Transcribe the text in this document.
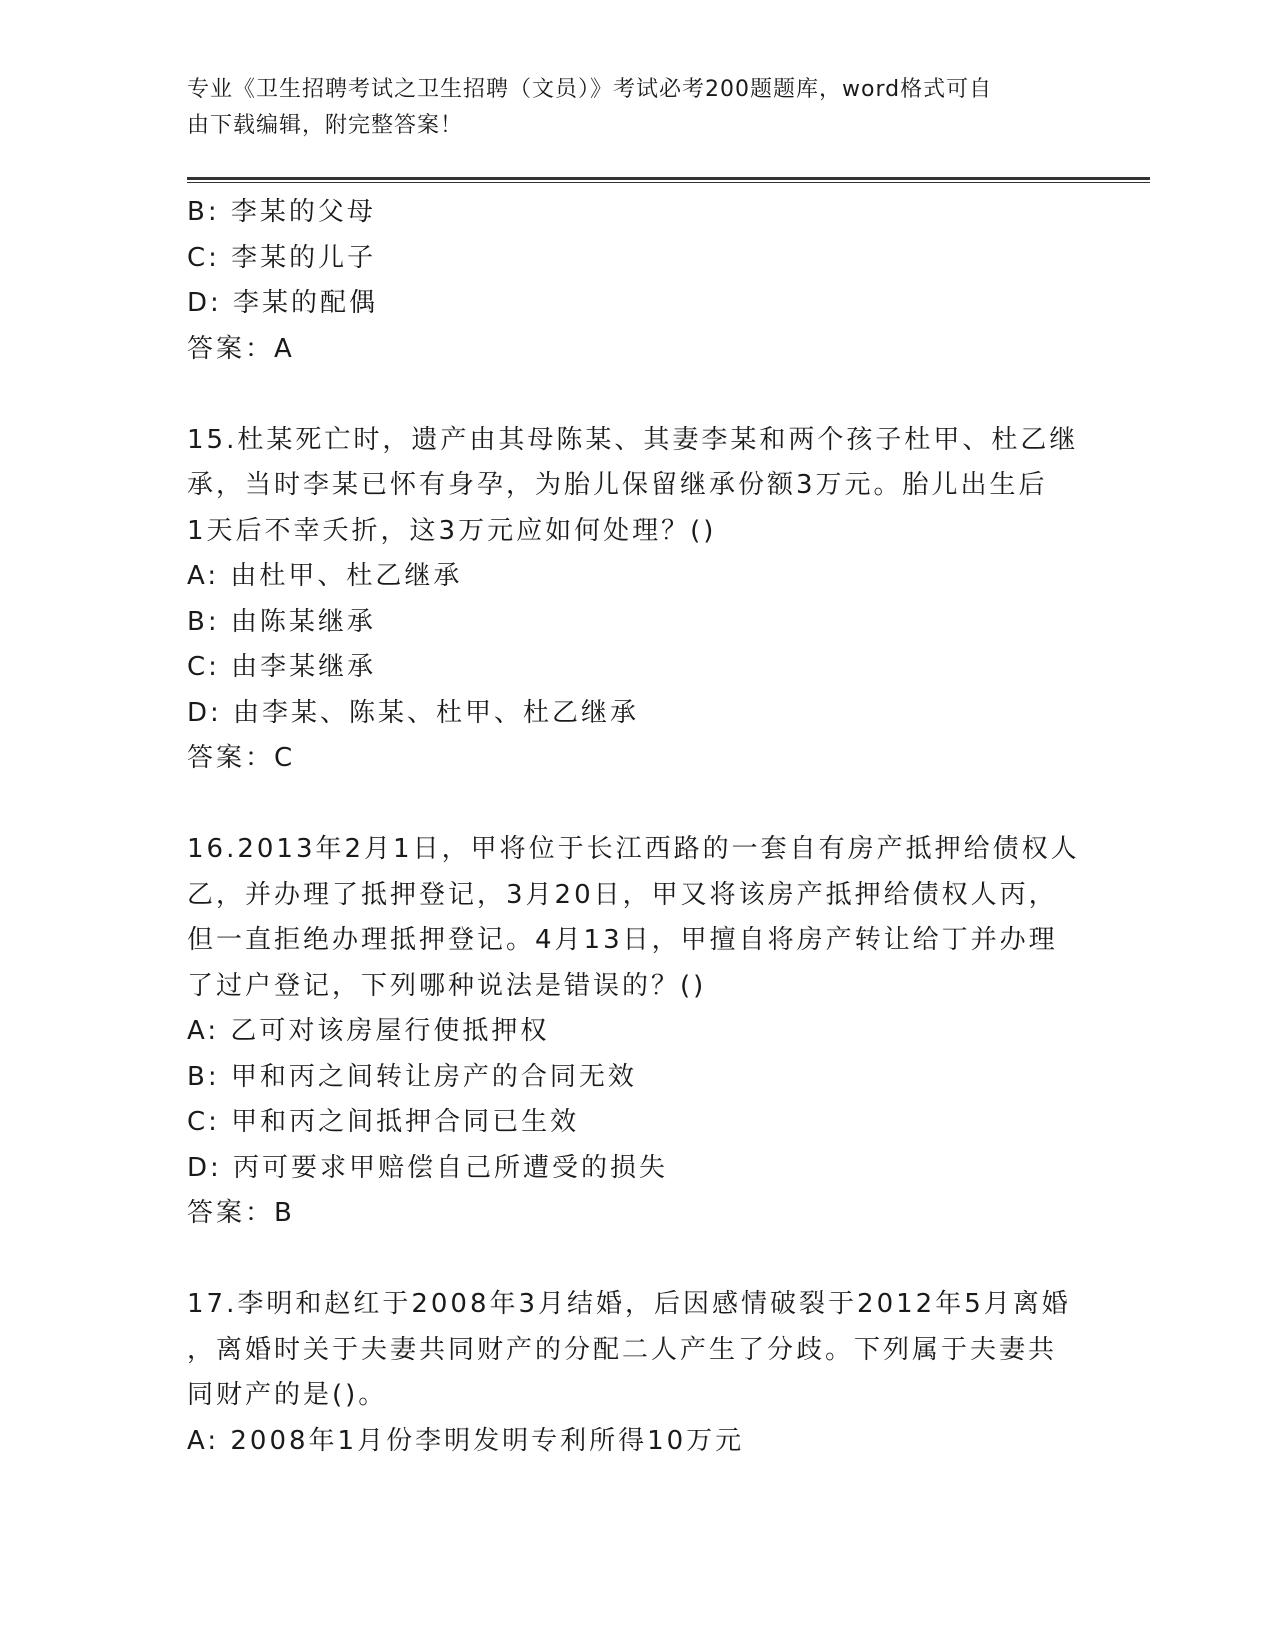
专业《卫生招聘考试之卫生招聘（文员）》考试必考200题题库，word格式可自
由下载编辑，附完整答案！
B: 李某的父母
C: 李某的儿子
D: 李某的配偶
答案：A
15.杜某死亡时，遗产由其母陈某、其妻李某和两个孩子杜甲、杜乙继
承，当时李某已怀有身孕，为胎儿保留继承份额3万元。胎儿出生后
1天后不幸夭折，这3万元应如何处理？()
A: 由杜甲、杜乙继承
B: 由陈某继承
C: 由李某继承
D: 由李某、陈某、杜甲、杜乙继承
答案：C
16.2013年2月1日，甲将位于长江西路的一套自有房产抵押给债权人
乙，并办理了抵押登记，3月20日，甲又将该房产抵押给债权人丙，
但一直拒绝办理抵押登记。4月13日，甲擅自将房产转让给丁并办理
了过户登记，下列哪种说法是错误的？()
A: 乙可对该房屋行使抵押权
B: 甲和丙之间转让房产的合同无效
C: 甲和丙之间抵押合同已生效
D: 丙可要求甲赔偿自己所遭受的损失
答案：B
17.李明和赵红于2008年3月结婚，后因感情破裂于2012年5月离婚
，离婚时关于夫妻共同财产的分配二人产生了分歧。下列属于夫妻共
同财产的是()。
A: 2008年1月份李明发明专利所得10万元
